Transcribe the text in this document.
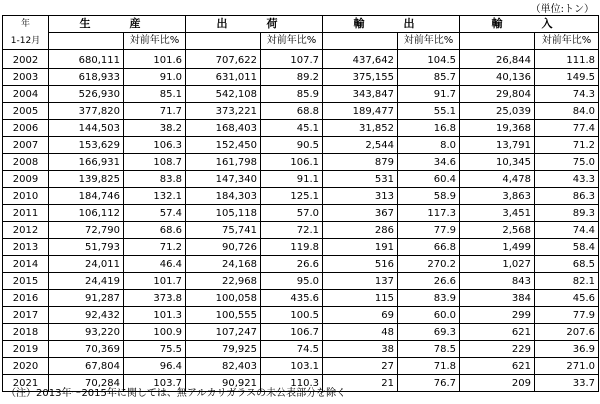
（単位:トン）
年	生　産		出　荷		輸　出		輸　入	
1-12月		対前年比%		対前年比%		対前年比%		対前年比%
2002	680,111	101.6	707,622	107.7	437,642	104.5	26,844	111.8
2003	618,933	91.0	631,011	89.2	375,155	85.7	40,136	149.5
2004	526,930	85.1	542,108	85.9	343,847	91.7	29,804	74.3
2005	377,820	71.7	373,221	68.8	189,477	55.1	25,039	84.0
2006	144,503	38.2	168,403	45.1	31,852	16.8	19,368	77.4
2007	153,629	106.3	152,450	90.5	2,544	8.0	13,791	71.2
2008	166,931	108.7	161,798	106.1	879	34.6	10,345	75.0
2009	139,825	83.8	147,340	91.1	531	60.4	4,478	43.3
2010	184,746	132.1	184,303	125.1	313	58.9	3,863	86.3
2011	106,112	57.4	105,118	57.0	367	117.3	3,451	89.3
2012	72,790	68.6	75,741	72.1	286	77.9	2,568	74.4
2013	51,793	71.2	90,726	119.8	191	66.8	1,499	58.4
2014	24,011	46.4	24,168	26.6	516	270.2	1,027	68.5
2015	24,419	101.7	22,968	95.0	137	26.6	843	82.1
2016	91,287	373.8	100,058	435.6	115	83.9	384	45.6
2017	92,432	101.3	100,555	100.5	69	60.0	299	77.9
2018	93,220	100.9	107,247	106.7	48	69.3	621	207.6
2019	70,369	75.5	79,925	74.5	38	78.5	229	36.9
2020	67,804	96.4	82,403	103.1	27	71.8	621	271.0
2021	70,284	103.7	90,921	110.3	21	76.7	209	33.7
（注）2013年～2015年に関しては、無アルカリガラスの未公表部分を除く
